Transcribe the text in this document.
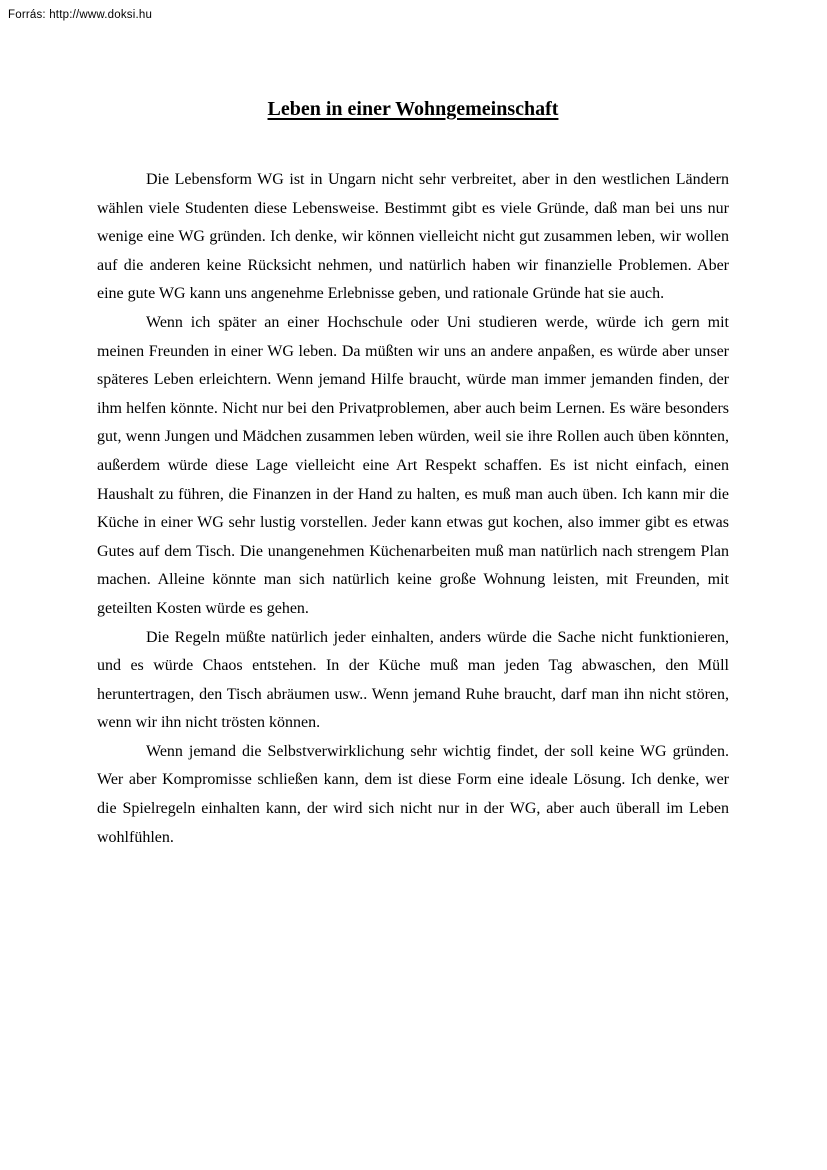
Forrás: http://www.doksi.hu
Leben in einer Wohngemeinschaft

Die Lebensform WG ist in Ungarn nicht sehr verbreitet, aber in den westlichen Ländern wählen viele Studenten diese Lebensweise. Bestimmt gibt es viele Gründe, daß man bei uns nur wenige eine WG gründen. Ich denke, wir können vielleicht nicht gut zusammen leben, wir wollen auf die anderen keine Rücksicht nehmen, und natürlich haben wir finanzielle Problemen. Aber eine gute WG kann uns angenehme Erlebnisse geben, und rationale Gründe hat sie auch.

Wenn ich später an einer Hochschule oder Uni studieren werde, würde ich gern mit meinen Freunden in einer WG leben. Da müßten wir uns an andere anpaßen, es würde aber unser späteres Leben erleichtern. Wenn jemand Hilfe braucht, würde man immer jemanden finden, der ihm helfen könnte. Nicht nur bei den Privatproblemen, aber auch beim Lernen. Es wäre besonders gut, wenn Jungen und Mädchen zusammen leben würden, weil sie ihre Rollen auch üben könnten, außerdem würde diese Lage vielleicht eine Art Respekt schaffen. Es ist nicht einfach, einen Haushalt zu führen, die Finanzen in der Hand zu halten, es muß man auch üben. Ich kann mir die Küche in einer WG sehr lustig vorstellen. Jeder kann etwas gut kochen, also immer gibt es etwas Gutes auf dem Tisch. Die unangenehmen Küchenarbeiten muß man natürlich nach strengem Plan machen. Alleine könnte man sich natürlich keine große Wohnung leisten, mit Freunden, mit geteilten Kosten würde es gehen.

Die Regeln müßte natürlich jeder einhalten, anders würde die Sache nicht funktionieren, und es würde Chaos entstehen. In der Küche muß man jeden Tag abwaschen, den Müll heruntertragen, den Tisch abräumen usw.. Wenn jemand Ruhe braucht, darf man ihn nicht stören, wenn wir ihn nicht trösten können.

Wenn jemand die Selbstverwirklichung sehr wichtig findet, der soll keine WG gründen. Wer aber Kompromisse schließen kann, dem ist diese Form eine ideale Lösung. Ich denke, wer die Spielregeln einhalten kann, der wird sich nicht nur in der WG, aber auch überall im Leben wohlfühlen.
